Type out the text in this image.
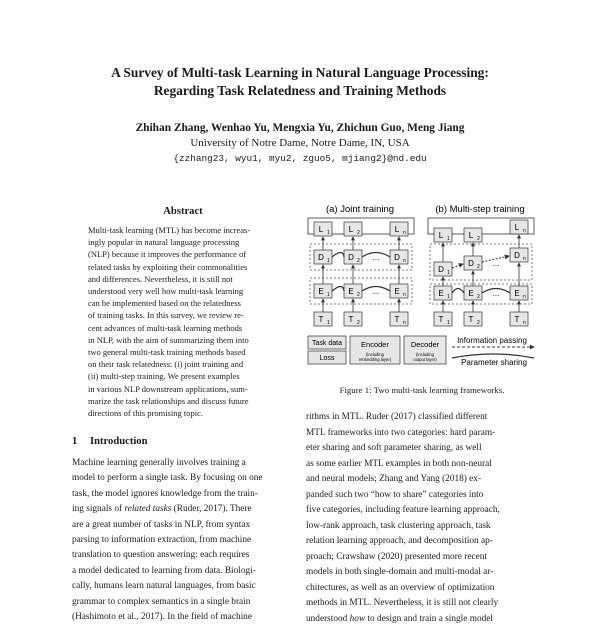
A Survey of Multi-task Learning in Natural Language Processing:
Regarding Task Relatedness and Training Methods
Zhihan Zhang, Wenhao Yu, Mengxia Yu, Zhichun Guo, Meng Jiang
University of Notre Dame, Notre Dame, IN, USA
{zzhang23, wyu1, myu2, zguo5, mjiang2}@nd.edu
Abstract
Multi-task learning (MTL) has become increas-
ingly popular in natural language processing
(NLP) because it improves the performance of
related tasks by exploiting their commonalities
and differences. Nevertheless, it is still not
understood very well how multi-task learning
can be implemented based on the relatedness
of training tasks. In this survey, we review re-
cent advances of multi-task learning methods
in NLP, with the aim of summarizing them into
two general multi-task training methods based
on their task relatedness: (i) joint training and
(ii) multi-step training. We present examples
in various NLP downstream applications, sum-
marize the task relationships and discuss future
directions of this promising topic.
1 Introduction
Machine learning generally involves training a
model to perform a single task. By focusing on one
task, the model ignores knowledge from the train-
ing signals of related tasks (Ruder, 2017). There
are a great number of tasks in NLP, from syntax
parsing to information extraction, from machine
translation to question answering: each requires
a model dedicated to learning from data. Biologi-
cally, humans learn natural languages, from basic
grammar to complex semantics in a single brain
(Hashimoto et al., 2017). In the field of machine
(a) Joint training
L 1 L 2	L n
D 1 D 2	D n
E 1 E 2	E n
T 1 T 2	T n
...
...
(b) Multi-step training
L 1 L 2
L n
D 1
D 2
D n
E 1 E 2	E n
T 1 T 2	T n
...
...
Task data
Loss
Encoder
(including
embedding layer)
Decoder
(including
output layer)
Information passing
Parameter sharing
Figure 1: Two multi-task learning frameworks.
rithms in MTL. Ruder (2017) classified different
MTL frameworks into two categories: hard param-
eter sharing and soft parameter sharing, as well
as some earlier MTL examples in both non-neural
and neural models; Zhang and Yang (2018) ex-
panded such two “how to share” categories into
five categories, including feature learning approach,
low-rank approach, task clustering approach, task
relation learning approach, and decomposition ap-
proach; Crawshaw (2020) presented more recent
models in both single-domain and multi-modal ar-
chitectures, as well as an overview of optimization
methods in MTL. Nevertheless, it is still not clearly
understood how to design and train a single model
